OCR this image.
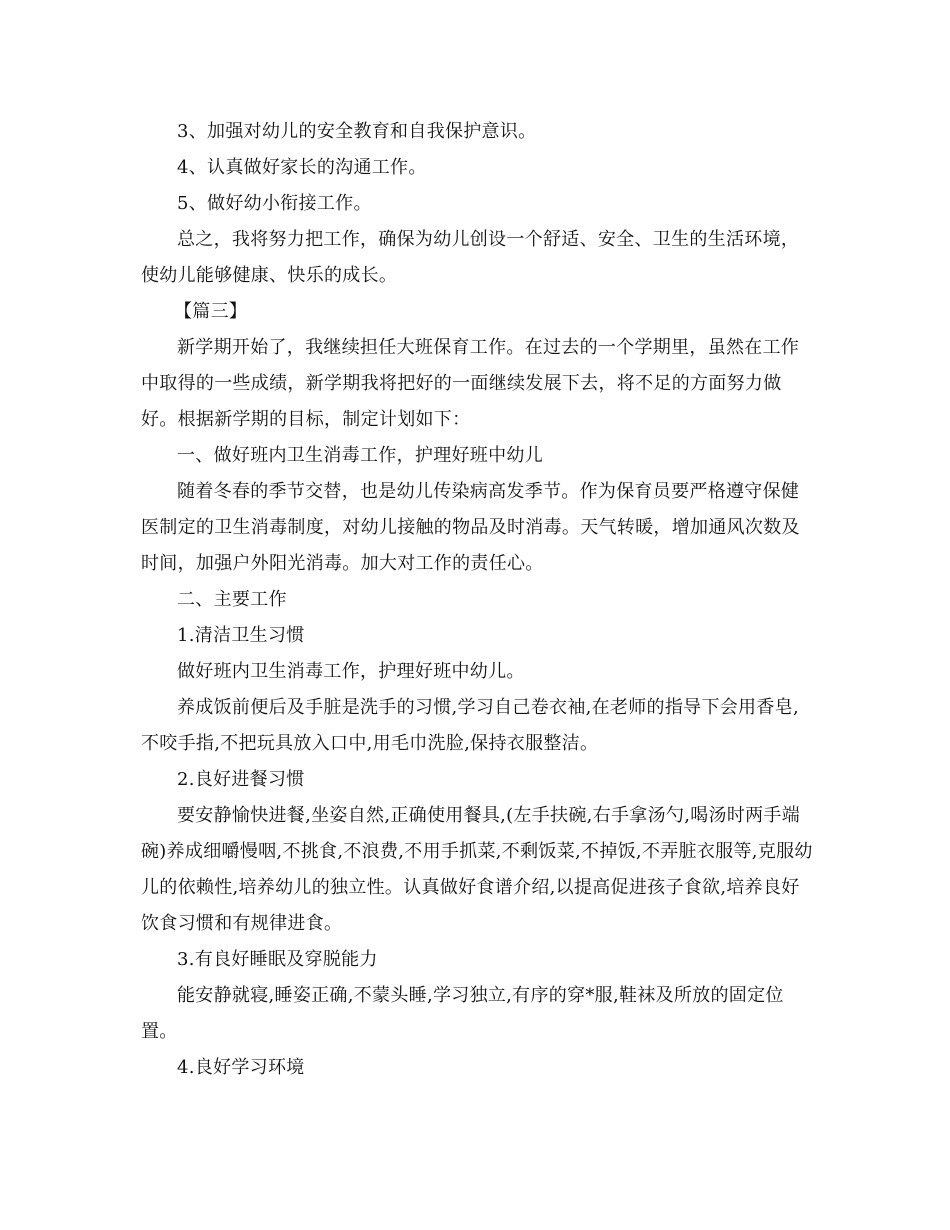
3、加强对幼儿的安全教育和自我保护意识。

4、认真做好家长的沟通工作。

5、做好幼小衔接工作。

总之，我将努力把工作，确保为幼儿创设一个舒适、安全、卫生的生活环境，使幼儿能够健康、快乐的成长。

【篇三】

新学期开始了，我继续担任大班保育工作。在过去的一个学期里，虽然在工作中取得的一些成绩，新学期我将把好的一面继续发展下去，将不足的方面努力做好。根据新学期的目标，制定计划如下：

一、做好班内卫生消毒工作，护理好班中幼儿

随着冬春的季节交替，也是幼儿传染病高发季节。作为保育员要严格遵守保健医制定的卫生消毒制度，对幼儿接触的物品及时消毒。天气转暖，增加通风次数及时间，加强户外阳光消毒。加大对工作的责任心。

二、主要工作

1.清洁卫生习惯

做好班内卫生消毒工作，护理好班中幼儿。

养成饭前便后及手脏是洗手的习惯,学习自己卷衣袖,在老师的指导下会用香皂,不咬手指,不把玩具放入口中,用毛巾洗脸,保持衣服整洁。

2.良好进餐习惯

要安静愉快进餐,坐姿自然,正确使用餐具,(左手扶碗,右手拿汤勺,喝汤时两手端碗)养成细嚼慢咽,不挑食,不浪费,不用手抓菜,不剩饭菜,不掉饭,不弄脏衣服等,克服幼儿的依赖性,培养幼儿的独立性。认真做好食谱介绍,以提高促进孩子食欲,培养良好饮食习惯和有规律进食。

3.有良好睡眠及穿脱能力

能安静就寝,睡姿正确,不蒙头睡,学习独立,有序的穿*服,鞋袜及所放的固定位置。

4.良好学习环境
